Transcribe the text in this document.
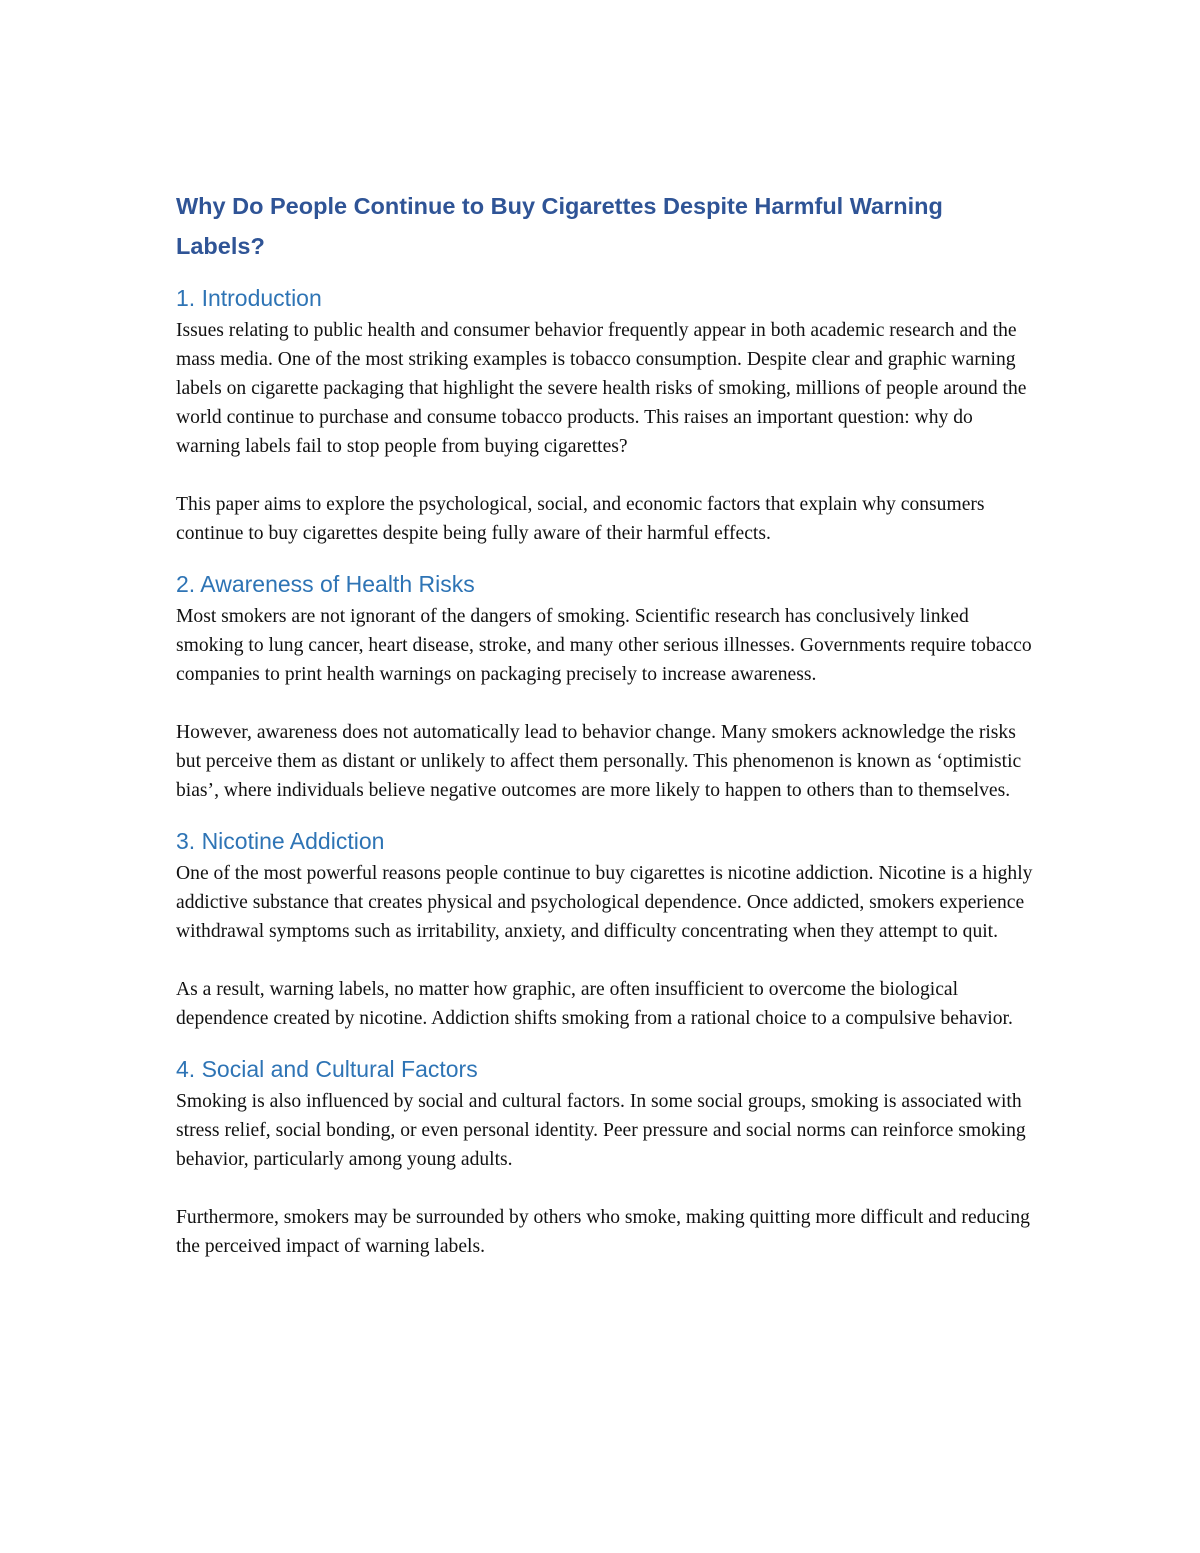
Why Do People Continue to Buy Cigarettes Despite Harmful Warning Labels?
1. Introduction

Issues relating to public health and consumer behavior frequently appear in both academic research and the mass media. One of the most striking examples is tobacco consumption. Despite clear and graphic warning labels on cigarette packaging that highlight the severe health risks of smoking, millions of people around the world continue to purchase and consume tobacco products. This raises an important question: why do warning labels fail to stop people from buying cigarettes?

This paper aims to explore the psychological, social, and economic factors that explain why consumers continue to buy cigarettes despite being fully aware of their harmful effects.

2. Awareness of Health Risks

Most smokers are not ignorant of the dangers of smoking. Scientific research has conclusively linked smoking to lung cancer, heart disease, stroke, and many other serious illnesses. Governments require tobacco companies to print health warnings on packaging precisely to increase awareness.

However, awareness does not automatically lead to behavior change. Many smokers acknowledge the risks but perceive them as distant or unlikely to affect them personally. This phenomenon is known as ‘optimistic bias’, where individuals believe negative outcomes are more likely to happen to others than to themselves.

3. Nicotine Addiction

One of the most powerful reasons people continue to buy cigarettes is nicotine addiction. Nicotine is a highly addictive substance that creates physical and psychological dependence. Once addicted, smokers experience withdrawal symptoms such as irritability, anxiety, and difficulty concentrating when they attempt to quit.

As a result, warning labels, no matter how graphic, are often insufficient to overcome the biological dependence created by nicotine. Addiction shifts smoking from a rational choice to a compulsive behavior.

4. Social and Cultural Factors

Smoking is also influenced by social and cultural factors. In some social groups, smoking is associated with stress relief, social bonding, or even personal identity. Peer pressure and social norms can reinforce smoking behavior, particularly among young adults.

Furthermore, smokers may be surrounded by others who smoke, making quitting more difficult and reducing the perceived impact of warning labels.
